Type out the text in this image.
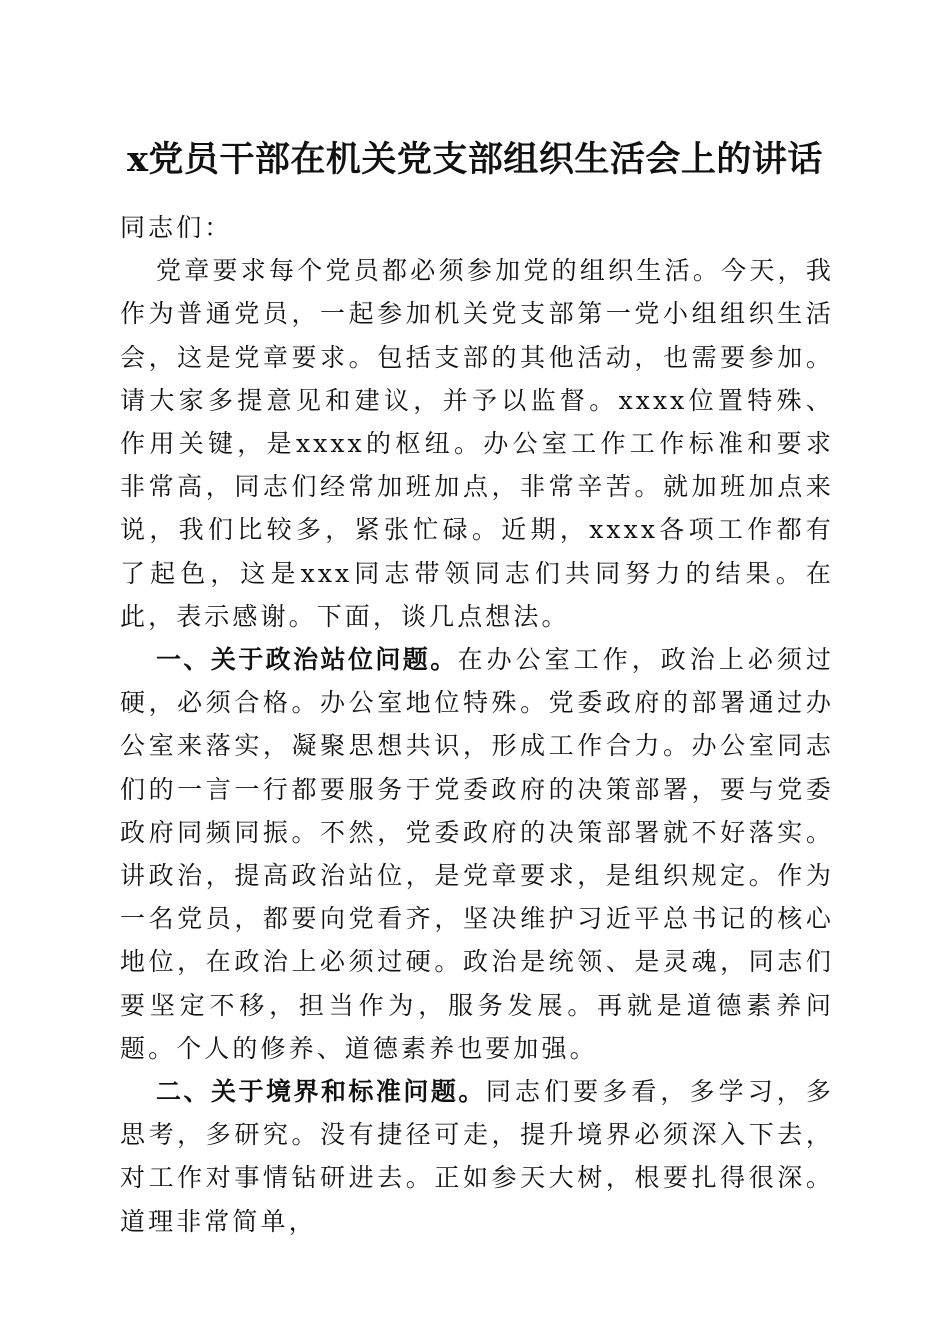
x党员干部在机关党支部组织生活会上的讲话

同志们：

党章要求每个党员都必须参加党的组织生活。今天，我作为普通党员，一起参加机关党支部第一党小组组织生活会，这是党章要求。包括支部的其他活动，也需要参加。请大家多提意见和建议，并予以监督。xxxx位置特殊、作用关键，是xxxx的枢纽。办公室工作工作标准和要求非常高，同志们经常加班加点，非常辛苦。就加班加点来说，我们比较多，紧张忙碌。近期，xxxx各项工作都有了起色，这是xxx同志带领同志们共同努力的结果。在此，表示感谢。下面，谈几点想法。

一、关于政治站位问题。在办公室工作，政治上必须过硬，必须合格。办公室地位特殊。党委政府的部署通过办公室来落实，凝聚思想共识，形成工作合力。办公室同志们的一言一行都要服务于党委政府的决策部署，要与党委政府同频同振。不然，党委政府的决策部署就不好落实。讲政治，提高政治站位，是党章要求，是组织规定。作为一名党员，都要向党看齐，坚决维护习近平总书记的核心地位，在政治上必须过硬。政治是统领、是灵魂，同志们要坚定不移，担当作为，服务发展。再就是道德素养问题。个人的修养、道德素养也要加强。

二、关于境界和标准问题。同志们要多看，多学习，多思考，多研究。没有捷径可走，提升境界必须深入下去，对工作对事情钻研进去。正如参天大树，根要扎得很深。道理非常简单，
